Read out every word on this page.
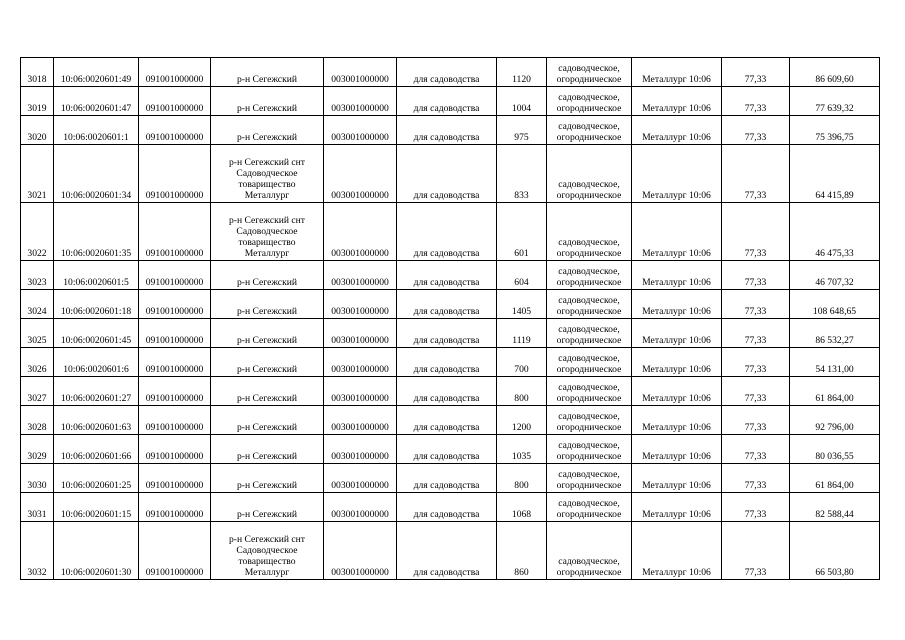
3018	10:06:0020601:49	091001000000	р-н Сегежский	003001000000	для садоводства	1120	садоводческое,
огородническое	Металлург 10:06	77,33	86 609,60
3019	10:06:0020601:47	091001000000	р-н Сегежский	003001000000	для садоводства	1004	садоводческое,
огородническое	Металлург 10:06	77,33	77 639,32
3020	10:06:0020601:1	091001000000	р-н Сегежский	003001000000	для садоводства	975	садоводческое,
огородническое	Металлург 10:06	77,33	75 396,75
3021	10:06:0020601:34	091001000000	р-н Сегежский снт
Садоводческое
товарищество
Металлург	003001000000	для садоводства	833	садоводческое,
огородническое	Металлург 10:06	77,33	64 415,89
3022	10:06:0020601:35	091001000000	р-н Сегежский снт
Садоводческое
товарищество
Металлург	003001000000	для садоводства	601	садоводческое,
огородническое	Металлург 10:06	77,33	46 475,33
3023	10:06:0020601:5	091001000000	р-н Сегежский	003001000000	для садоводства	604	садоводческое,
огородническое	Металлург 10:06	77,33	46 707,32
3024	10:06:0020601:18	091001000000	р-н Сегежский	003001000000	для садоводства	1405	садоводческое,
огородническое	Металлург 10:06	77,33	108 648,65
3025	10:06:0020601:45	091001000000	р-н Сегежский	003001000000	для садоводства	1119	садоводческое,
огородническое	Металлург 10:06	77,33	86 532,27
3026	10:06:0020601:6	091001000000	р-н Сегежский	003001000000	для садоводства	700	садоводческое,
огородническое	Металлург 10:06	77,33	54 131,00
3027	10:06:0020601:27	091001000000	р-н Сегежский	003001000000	для садоводства	800	садоводческое,
огородническое	Металлург 10:06	77,33	61 864,00
3028	10:06:0020601:63	091001000000	р-н Сегежский	003001000000	для садоводства	1200	садоводческое,
огородническое	Металлург 10:06	77,33	92 796,00
3029	10:06:0020601:66	091001000000	р-н Сегежский	003001000000	для садоводства	1035	садоводческое,
огородническое	Металлург 10:06	77,33	80 036,55
3030	10:06:0020601:25	091001000000	р-н Сегежский	003001000000	для садоводства	800	садоводческое,
огородническое	Металлург 10:06	77,33	61 864,00
3031	10:06:0020601:15	091001000000	р-н Сегежский	003001000000	для садоводства	1068	садоводческое,
огородническое	Металлург 10:06	77,33	82 588,44
3032	10:06:0020601:30	091001000000	р-н Сегежский снт
Садоводческое
товарищество
Металлург	003001000000	для садоводства	860	садоводческое,
огородническое	Металлург 10:06	77,33	66 503,80
